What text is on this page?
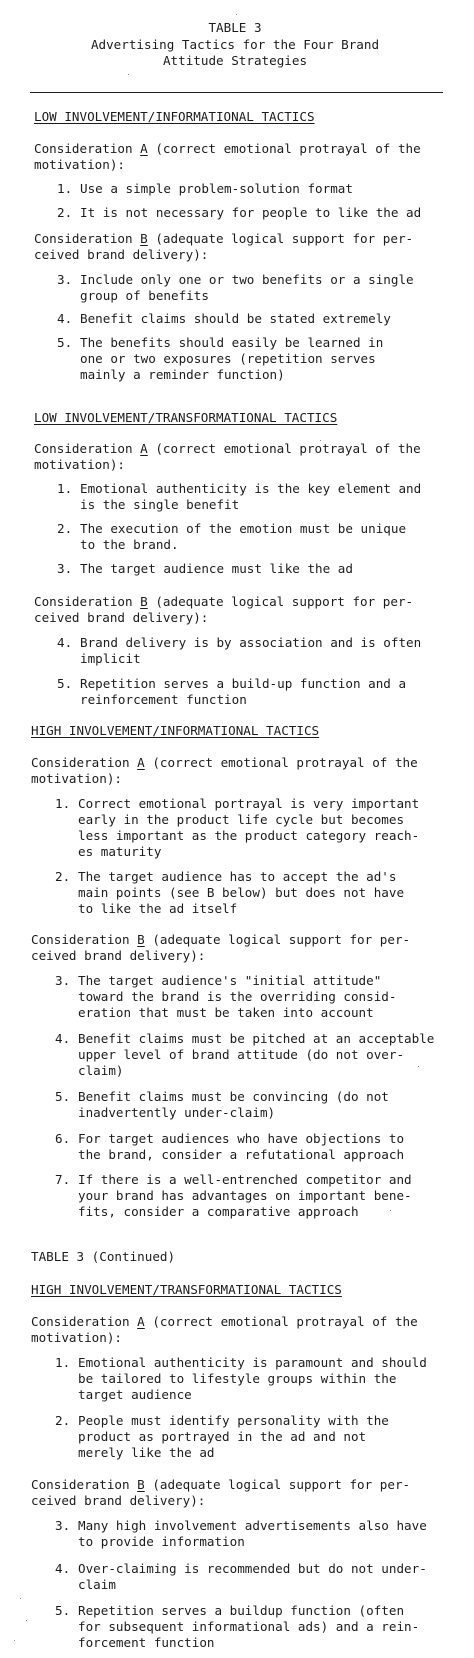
TABLE 3
Advertising Tactics for the Four Brand
Attitude Strategies
LOW INVOLVEMENT/INFORMATIONAL TACTICS
Consideration A (correct emotional protrayal of the
motivation):
1. Use a simple problem-solution format
2. It is not necessary for people to like the ad
Consideration B (adequate logical support for per-
ceived brand delivery):
3. Include only one or two benefits or a single
group of benefits
4. Benefit claims should be stated extremely
5. The benefits should easily be learned in
one or two exposures (repetition serves
mainly a reminder function)
LOW INVOLVEMENT/TRANSFORMATIONAL TACTICS
Consideration A (correct emotional protrayal of the
motivation):
1. Emotional authenticity is the key element and
is the single benefit
2. The execution of the emotion must be unique
to the brand.
3. The target audience must like the ad
Consideration B (adequate logical support for per-
ceived brand delivery):
4. Brand delivery is by association and is often
implicit
5. Repetition serves a build-up function and a
reinforcement function
HIGH INVOLVEMENT/INFORMATIONAL TACTICS
Consideration A (correct emotional protrayal of the
motivation):
1. Correct emotional portrayal is very important
early in the product life cycle but becomes
less important as the product category reach-
es maturity
2. The target audience has to accept the ad's
main points (see B below) but does not have
to like the ad itself
Consideration B (adequate logical support for per-
ceived brand delivery):
3. The target audience's "initial attitude"
toward the brand is the overriding consid-
eration that must be taken into account
4. Benefit claims must be pitched at an acceptable
upper level of brand attitude (do not over-
claim)
5. Benefit claims must be convincing (do not
inadvertently under-claim)
6. For target audiences who have objections to
the brand, consider a refutational approach
7. If there is a well-entrenched competitor and
your brand has advantages on important bene-
fits, consider a comparative approach
TABLE 3 (Continued)
HIGH INVOLVEMENT/TRANSFORMATIONAL TACTICS
Consideration A (correct emotional protrayal of the
motivation):
1. Emotional authenticity is paramount and should
be tailored to lifestyle groups within the
target audience
2. People must identify personality with the
product as portrayed in the ad and not
merely like the ad
Consideration B (adequate logical support for per-
ceived brand delivery):
3. Many high involvement advertisements also have
to provide information
4. Over-claiming is recommended but do not under-
claim
5. Repetition serves a buildup function (often
for subsequent informational ads) and a rein-
forcement function
